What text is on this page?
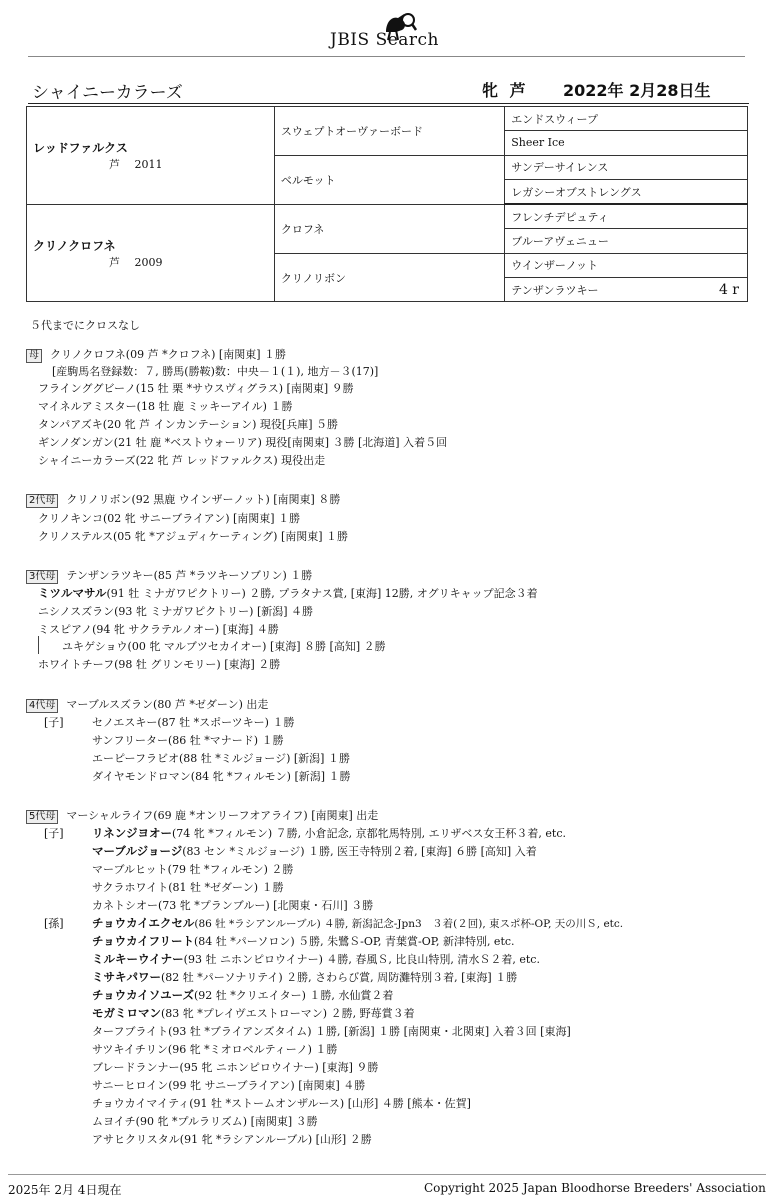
JBIS Search
シャイニーカラーズ	牝 芦 2022年 2月28日生
レッドファルクス
芦　 2011	スウェプトオーヴァーボード	エンドスウィープ
		Sheer Ice
	ベルモット	サンデーサイレンス
		レガシーオブストレングス

クリノクロフネ
芦　 2009	クロフネ	フレンチデピュティ
		ブルーアヴェニュー
	クリノリボン	ウインザーノット
		テンザンラツキー 4 r
５代までにクロスなし
母 クリノクロフネ(09 芦 *クロフネ) [南関東] １勝
[産駒馬名登録数：７, 勝馬(勝鞍)数：中央－１(１), 地方－３(17)]
フラインググビーノ(15 牡 栗 *サウスヴィグラス) [南関東] ９勝
マイネルアミスター(18 牡 鹿 ミッキーアイル) １勝
タンパアズキ(20 牝 芦 インカンテーション) 現役[兵庫] ５勝
ギンノダンガン(21 牡 鹿 *ベストウォーリア) 現役[南関東] ３勝 [北海道] 入着５回
シャイニーカラーズ(22 牝 芦 レッドファルクス) 現役出走
2代母 クリノリボン(92 黒鹿 ウインザーノット) [南関東] ８勝
クリノキンコ(02 牝 サニーブライアン) [南関東] １勝
クリノステルス(05 牝 *アジュディケーティング) [南関東] １勝
3代母 テンザンラツキー(85 芦 *ラツキーソブリン) １勝
ミツルマサル(91 牡 ミナガワピクトリー) ２勝, プラタナス賞, [東海] 12勝, オグリキャップ記念３着
ニシノスズラン(93 牝 ミナガワピクトリー) [新潟] ４勝
ミスピアノ(94 牝 サクラテルノオー) [東海] ４勝
ユキゲショウ(00 牝 マルブツセカイオー) [東海] ８勝 [高知] ２勝
ホワイトチーフ(98 牡 グリンモリー) [東海] ２勝
4代母 マーブルスズラン(80 芦 *ゼダーン) 出走
[子]	セノエスキー(87 牡 *スポーツキー) １勝
サンフリーター(86 牡 *マナード) １勝
エーピーフラビオ(88 牡 *ミルジョージ) [新潟] １勝
ダイヤモンドロマン(84 牝 *フィルモン) [新潟] １勝
5代母 マーシャルライフ(69 鹿 *オンリーフオアライフ) [南関東] 出走
[子] リネンジヨオー(74 牝 *フィルモン) ７勝, 小倉記念, 京都牝馬特別, エリザベス女王杯３着, etc.
マーブルジョージ(83 セン *ミルジョージ) １勝, 医王寺特別２着, [東海] ６勝 [高知] 入着
マーブルヒット(79 牡 *フィルモン) ２勝
サクラホワイト(81 牡 *ゼダーン) １勝
カネトシオー(73 牝 *プランブルー) [北関東・石川] ３勝
[孫] チョウカイエクセル(86 牡 *ラシアンルーブル) ４勝, 新潟記念-Jpn3　３着(２回), 東スポ杯-OP, 天の川Ｓ, etc.
チョウカイフリート(84 牡 *パーソロン) ５勝, 朱鷺Ｓ-OP, 青葉賞-OP, 新津特別, etc.
ミルキーウイナー(93 牡 ニホンピロウイナー) ４勝, 春風Ｓ, 比良山特別, 清水Ｓ２着, etc.
ミサキパワー(82 牡 *パーソナリテイ) ２勝, さわらび賞, 周防灘特別３着, [東海] １勝
チョウカイソユーズ(92 牡 *クリエイター) １勝, 水仙賞２着
モガミロマン(83 牝 *プレイヴエストローマン) ２勝, 野苺賞３着
ターフブライト(93 牡 *ブライアンズタイム) １勝, [新潟] １勝 [南関東・北関東] 入着３回 [東海]
サツキイチリン(96 牝 *ミオロベルティーノ) １勝
ブレードランナー(95 牝 ニホンピロウイナー) [東海] ９勝
サニーヒロイン(99 牝 サニーブライアン) [南関東] ４勝
チョウカイマイティ(91 牡 *ストームオンザルース) [山形] ４勝 [熊本・佐賀]
ムヨイチ(90 牝 *プルラリズム) [南関東] ３勝
アサヒクリスタル(91 牝 *ラシアンルーブル) [山形] ２勝
2025年 2月 4日現在	Copyright 2025 Japan Bloodhorse Breeders' Association
